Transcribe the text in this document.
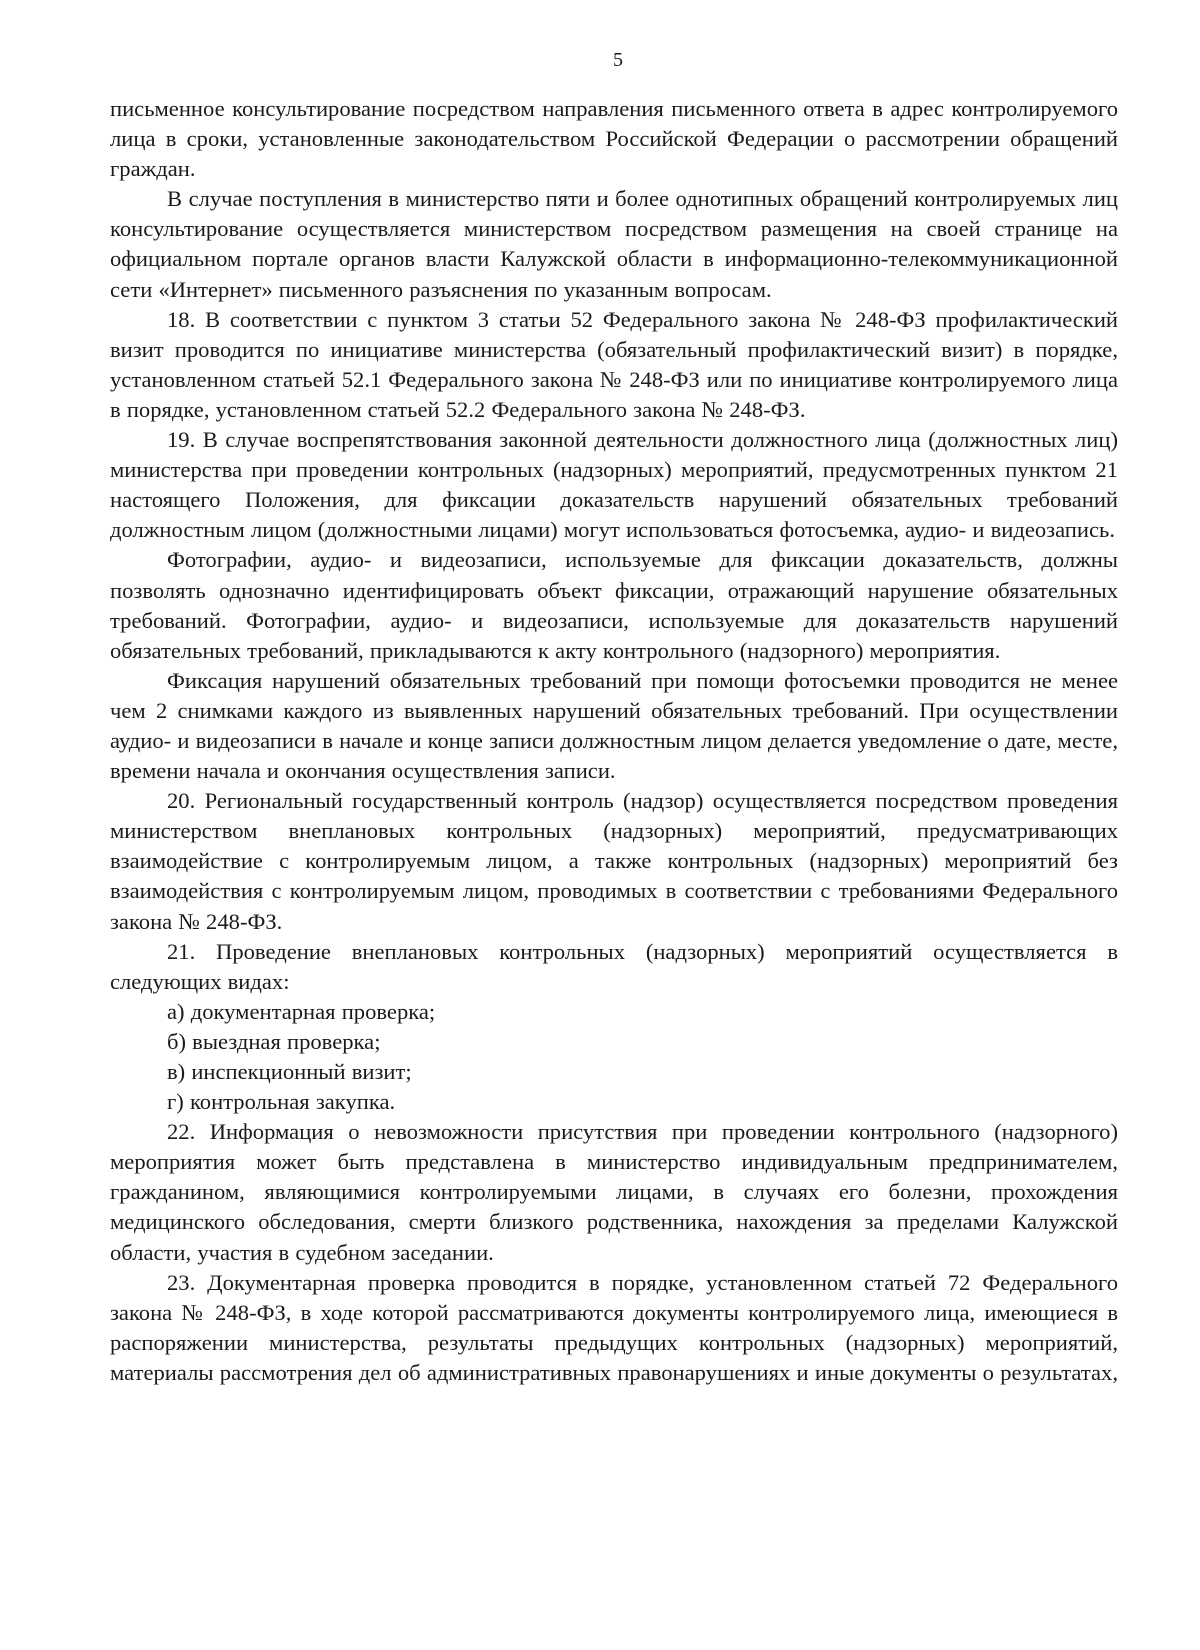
5

письменное консультирование посредством направления письменного ответа в адрес контролируемого лица в сроки, установленные законодательством Российской Федерации о рассмотрении обращений граждан.

В случае поступления в министерство пяти и более однотипных обращений контролируемых лиц консультирование осуществляется министерством посредством размещения на своей странице на официальном портале органов власти Калужской области в информационно-телекоммуникационной сети «Интернет» письменного разъяснения по указанным вопросам.

18. В соответствии с пунктом 3 статьи 52 Федерального закона № 248-ФЗ профилактический визит проводится по инициативе министерства (обязательный профилактический визит) в порядке, установленном статьей 52.1 Федерального закона № 248-ФЗ или по инициативе контролируемого лица в порядке, установленном статьей 52.2 Федерального закона № 248-ФЗ.

19. В случае воспрепятствования законной деятельности должностного лица (должностных лиц) министерства при проведении контрольных (надзорных) мероприятий, предусмотренных пунктом 21 настоящего Положения, для фиксации доказательств нарушений обязательных требований должностным лицом (должностными лицами) могут использоваться фотосъемка, аудио- и видеозапись.

Фотографии, аудио- и видеозаписи, используемые для фиксации доказательств, должны позволять однозначно идентифицировать объект фиксации, отражающий нарушение обязательных требований. Фотографии, аудио- и видеозаписи, используемые для доказательств нарушений обязательных требований, прикладываются к акту контрольного (надзорного) мероприятия.

Фиксация нарушений обязательных требований при помощи фотосъемки проводится не менее чем 2 снимками каждого из выявленных нарушений обязательных требований. При осуществлении аудио- и видеозаписи в начале и конце записи должностным лицом делается уведомление о дате, месте, времени начала и окончания осуществления записи.

20. Региональный государственный контроль (надзор) осуществляется посредством проведения министерством внеплановых контрольных (надзорных) мероприятий, предусматривающих взаимодействие с контролируемым лицом, а также контрольных (надзорных) мероприятий без взаимодействия с контролируемым лицом, проводимых в соответствии с требованиями Федерального закона № 248-ФЗ.

21. Проведение внеплановых контрольных (надзорных) мероприятий осуществляется в следующих видах:

а) документарная проверка;

б) выездная проверка;

в) инспекционный визит;

г) контрольная закупка.

22. Информация о невозможности присутствия при проведении контрольного (надзорного) мероприятия может быть представлена в министерство индивидуальным предпринимателем, гражданином, являющимися контролируемыми лицами, в случаях его болезни, прохождения медицинского обследования, смерти близкого родственника, нахождения за пределами Калужской области, участия в судебном заседании.

23. Документарная проверка проводится в порядке, установленном статьей 72 Федерального закона № 248-ФЗ, в ходе которой рассматриваются документы контролируемого лица, имеющиеся в распоряжении министерства, результаты предыдущих контрольных (надзорных) мероприятий, материалы рассмотрения дел об административных правонарушениях и иные документы о результатах,
